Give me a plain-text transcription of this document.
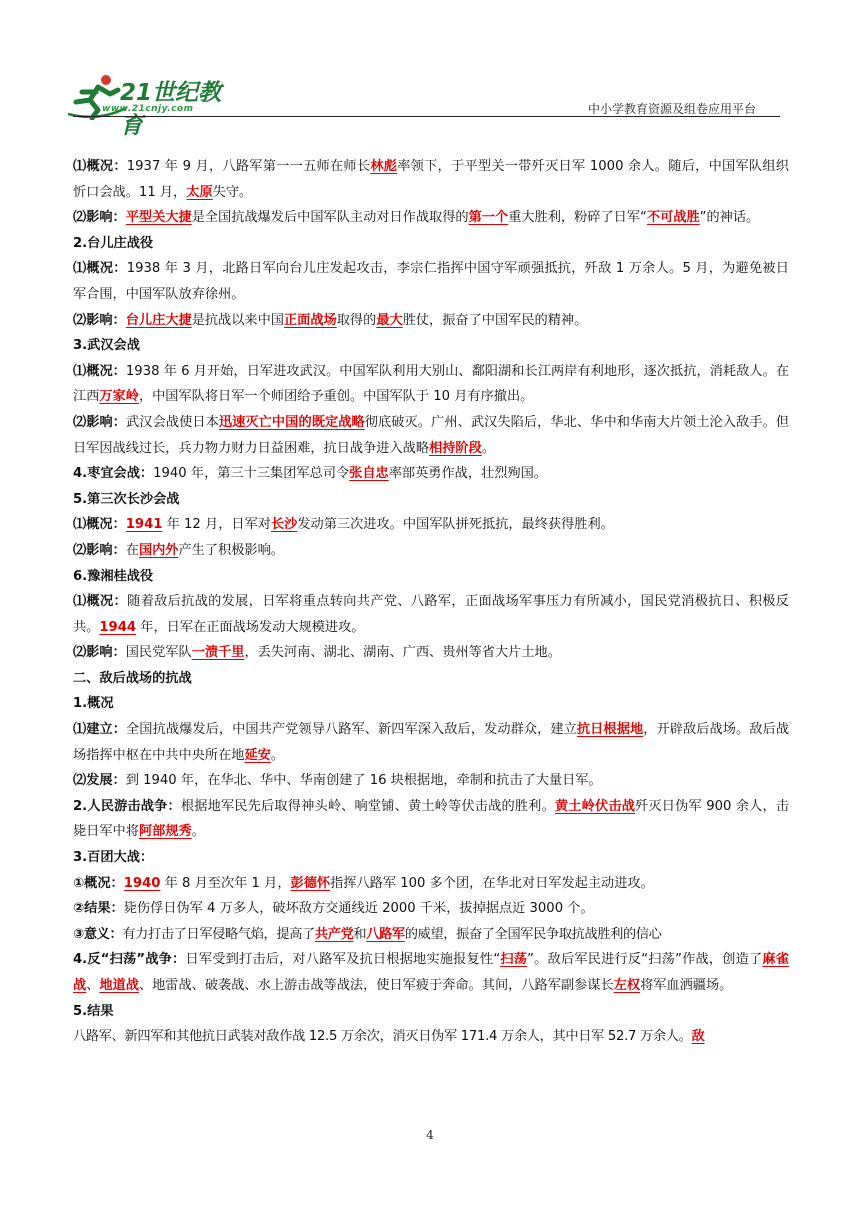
21世纪教育
www.21cnjy.com	中小学教育资源及组卷应用平台

⑴概况：1937 年 9 月，八路军第一一五师在师长林彪率领下，于平型关一带歼灭日军 1000 余人。随后，中国军队组织忻口会战。11 月，太原失守。

⑵影响：平型关大捷是全国抗战爆发后中国军队主动对日作战取得的第一个重大胜利，粉碎了日军“不可战胜”的神话。

2.台儿庄战役

⑴概况：1938 年 3 月，北路日军向台儿庄发起攻击，李宗仁指挥中国守军顽强抵抗，歼敌 1 万余人。5 月，为避免被日军合围，中国军队放弃徐州。

⑵影响：台儿庄大捷是抗战以来中国正面战场取得的最大胜仗，振奋了中国军民的精神。

3.武汉会战

⑴概况：1938 年 6 月开始，日军进攻武汉。中国军队利用大别山、鄱阳湖和长江两岸有利地形，逐次抵抗，消耗敌人。在江西万家岭，中国军队将日军一个师团给予重创。中国军队于 10 月有序撤出。

⑵影响：武汉会战使日本迅速灭亡中国的既定战略彻底破灭。广州、武汉失陷后，华北、华中和华南大片领土沦入敌手。但日军因战线过长，兵力物力财力日益困难，抗日战争进入战略相持阶段。

4.枣宜会战：1940 年，第三十三集团军总司令张自忠率部英勇作战，壮烈殉国。

5.第三次长沙会战

⑴概况：1941 年 12 月，日军对长沙发动第三次进攻。中国军队拼死抵抗，最终获得胜利。

⑵影响：在国内外产生了积极影响。

6.豫湘桂战役

⑴概况：随着敌后抗战的发展，日军将重点转向共产党、八路军，正面战场军事压力有所减小，国民党消极抗日、积极反共。1944 年，日军在正面战场发动大规模进攻。

⑵影响：国民党军队一溃千里，丢失河南、湖北、湖南、广西、贵州等省大片土地。

二、敌后战场的抗战

1.概况

⑴建立：全国抗战爆发后，中国共产党领导八路军、新四军深入敌后，发动群众，建立抗日根据地，开辟敌后战场。敌后战场指挥中枢在中共中央所在地延安。

⑵发展：到 1940 年，在华北、华中、华南创建了 16 块根据地，牵制和抗击了大量日军。

2.人民游击战争：根据地军民先后取得神头岭、响堂铺、黄土岭等伏击战的胜利。黄土岭伏击战歼灭日伪军 900 余人，击毙日军中将阿部规秀。

3.百团大战：

①概况：1940 年 8 月至次年 1 月，彭德怀指挥八路军 100 多个团，在华北对日军发起主动进攻。

②结果：毙伤俘日伪军 4 万多人，破坏敌方交通线近 2000 千米，拔掉据点近 3000 个。

③意义：有力打击了日军侵略气焰，提高了共产党和八路军的威望，振奋了全国军民争取抗战胜利的信心

4.反“扫荡”战争：日军受到打击后，对八路军及抗日根据地实施报复性“扫荡”。敌后军民进行反“扫荡”作战，创造了麻雀战、地道战、地雷战、破袭战、水上游击战等战法，使日军疲于奔命。其间，八路军副参谋长左权将军血洒疆场。

5.结果

八路军、新四军和其他抗日武装对敌作战 12.5 万余次，消灭日伪军 171.4 万余人，其中日军 52.7 万余人。敌

4
